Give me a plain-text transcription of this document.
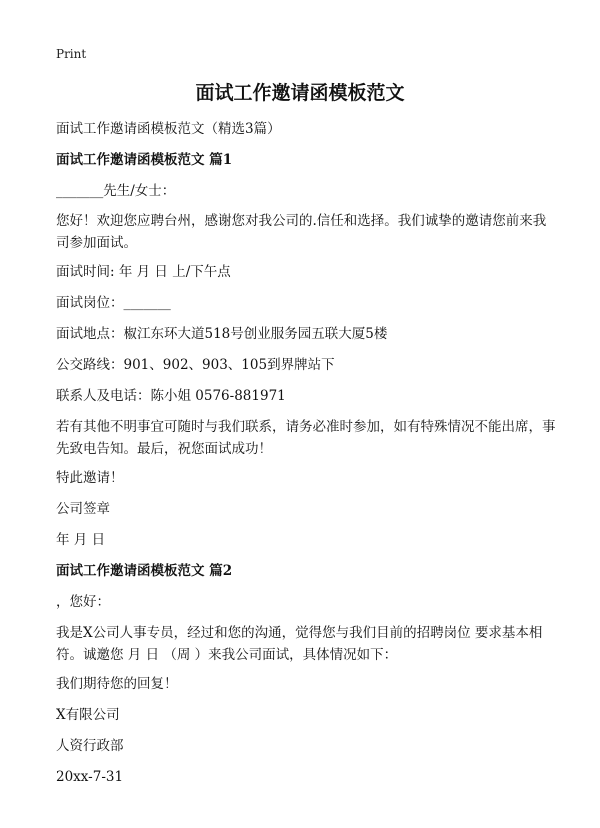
Print
面试工作邀请函模板范文

面试工作邀请函模板范文（精选3篇）

面试工作邀请函模板范文 篇1

_______先生/女士：

您好！欢迎您应聘台州，感谢您对我公司的.信任和选择。我们诚挚的邀请您前来我司参加面试。

面试时间: 年 月 日 上/下午点

面试岗位：_______

面试地点：椒江东环大道518号创业服务园五联大厦5楼

公交路线：901、902、903、105到界牌站下

联系人及电话：陈小姐 0576-881971

若有其他不明事宜可随时与我们联系，请务必准时参加，如有特殊情况不能出席，事先致电告知。最后，祝您面试成功！

特此邀请！

公司签章

年 月 日

面试工作邀请函模板范文 篇2

，您好：

我是X公司人事专员，经过和您的沟通，觉得您与我们目前的招聘岗位 要求基本相符。诚邀您 月 日 （周 ）来我公司面试，具体情况如下：

我们期待您的回复！

X有限公司

人资行政部

20xx-7-31
